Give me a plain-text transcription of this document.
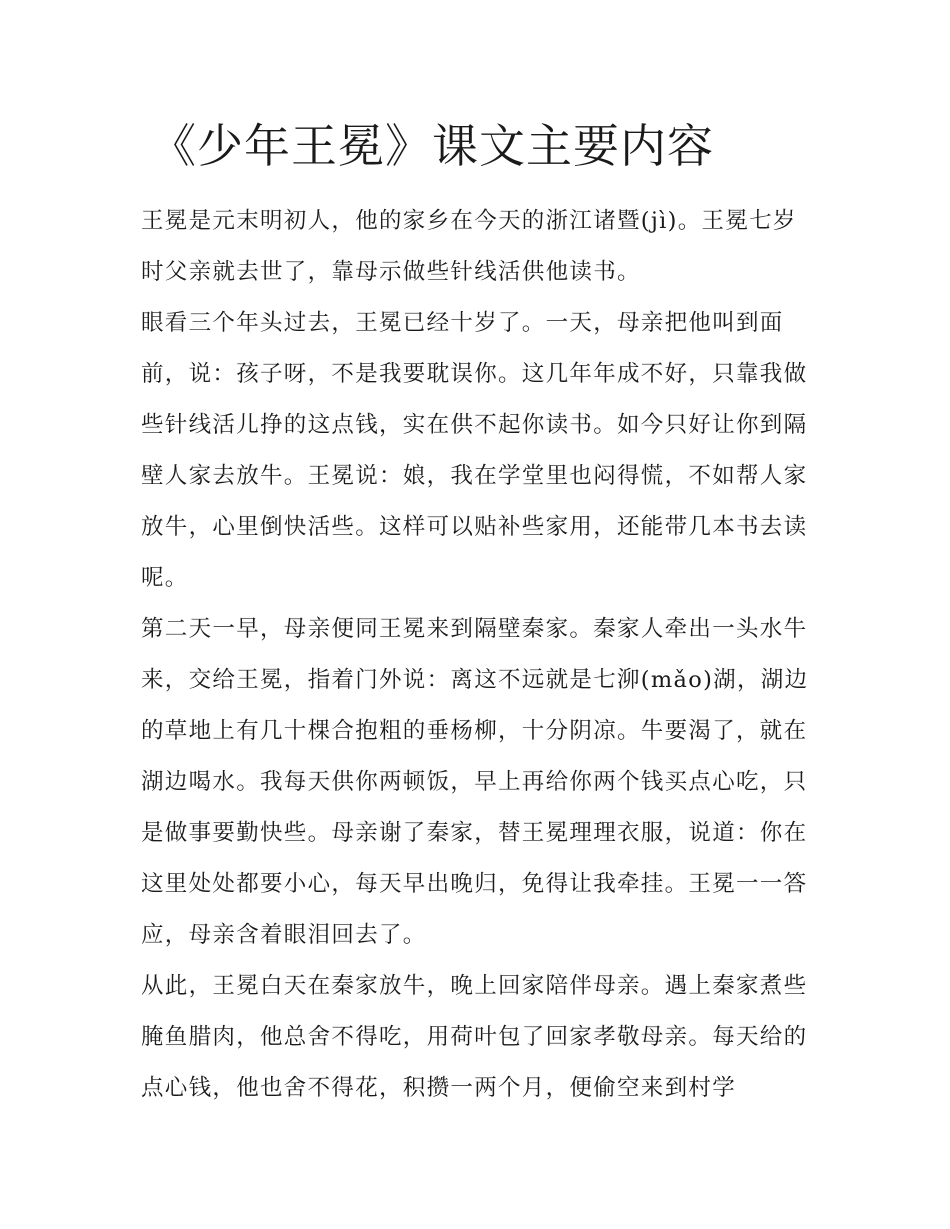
《少年王冕》课文主要内容

王冕是元末明初人，他的家乡在今天的浙江诸暨(jì)。王冕七岁时父亲就去世了，靠母示做些针线活供他读书。

眼看三个年头过去，王冕已经十岁了。一天，母亲把他叫到面前，说：孩子呀，不是我要耽误你。这几年年成不好，只靠我做些针线活儿挣的这点钱，实在供不起你读书。如今只好让你到隔壁人家去放牛。王冕说：娘，我在学堂里也闷得慌，不如帮人家放牛，心里倒快活些。这样可以贴补些家用，还能带几本书去读呢。

第二天一早，母亲便同王冕来到隔壁秦家。秦家人牵出一头水牛来，交给王冕，指着门外说：离这不远就是七泖(mǎo)湖，湖边的草地上有几十棵合抱粗的垂杨柳，十分阴凉。牛要渴了，就在湖边喝水。我每天供你两顿饭，早上再给你两个钱买点心吃，只是做事要勤快些。母亲谢了秦家，替王冕理理衣服，说道：你在这里处处都要小心，每天早出晚归，免得让我牵挂。王冕一一答应，母亲含着眼泪回去了。

从此，王冕白天在秦家放牛，晚上回家陪伴母亲。遇上秦家煮些腌鱼腊肉，他总舍不得吃，用荷叶包了回家孝敬母亲。每天给的点心钱，他也舍不得花，积攒一两个月，便偷空来到村学
